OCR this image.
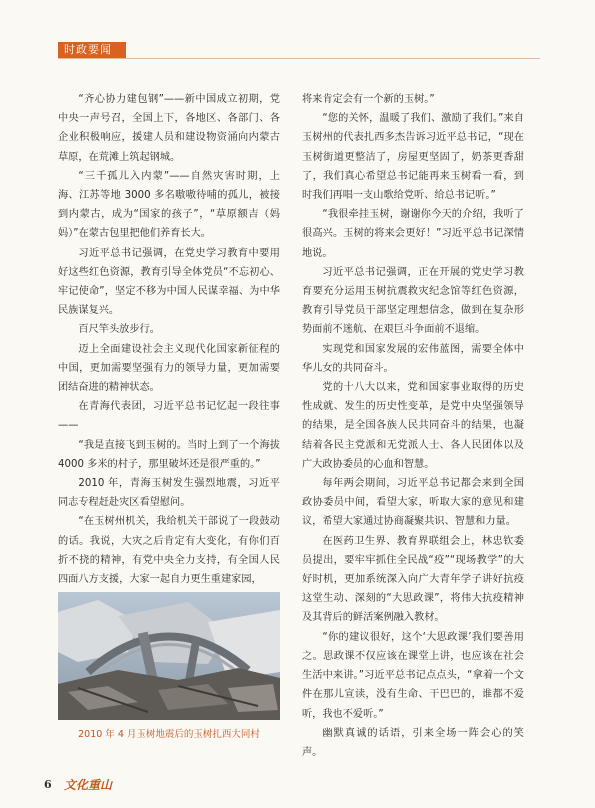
时政要闻

“齐心协力建包钢”——新中国成立初期，党中央一声号召，全国上下，各地区、各部门、各企业积极响应，援建人员和建设物资涌向内蒙古草原，在荒滩上筑起钢城。

“三千孤儿入内蒙”——自然灾害时期，上海、江苏等地 3000 多名嗷嗷待哺的孤儿，被接到内蒙古，成为“国家的孩子”，“草原额吉（妈妈）”在蒙古包里把他们养育长大。

习近平总书记强调，在党史学习教育中要用好这些红色资源，教育引导全体党员“不忘初心、牢记使命”，坚定不移为中国人民谋幸福、为中华民族谋复兴。

百尺竿头放步行。

迈上全面建设社会主义现代化国家新征程的中国，更加需要坚强有力的领导力量，更加需要团结奋进的精神状态。

在青海代表团，习近平总书记忆起一段往事——

“我是直接飞到玉树的。当时上到了一个海拔 4000 多米的村子，那里破坏还是很严重的。”

2010 年，青海玉树发生强烈地震，习近平同志专程赶赴灾区看望慰问。

“在玉树州机关，我给机关干部说了一段鼓动的话。我说，大灾之后肯定有大变化，有你们百折不挠的精神，有党中央全力支持，有全国人民四面八方支援，大家一起自力更生重建家园，

2010 年 4 月玉树地震后的玉树扎西大同村

将来肯定会有一个新的玉树。”

“您的关怀，温暖了我们、激励了我们。”来自玉树州的代表扎西多杰告诉习近平总书记，“现在玉树街道更整洁了，房屋更坚固了，奶茶更香甜了，我们真心希望总书记能再来玉树看一看，到时我们再唱一支山歌给党听、给总书记听。”

“我很牵挂玉树，谢谢你今天的介绍，我听了很高兴。玉树的将来会更好！”习近平总书记深情地说。

习近平总书记强调，正在开展的党史学习教育要充分运用玉树抗震救灾纪念馆等红色资源，教育引导党员干部坚定理想信念，做到在复杂形势面前不迷航、在艰巨斗争面前不退缩。

实现党和国家发展的宏伟蓝图，需要全体中华儿女的共同奋斗。

党的十八大以来，党和国家事业取得的历史性成就、发生的历史性变革，是党中央坚强领导的结果，是全国各族人民共同奋斗的结果，也凝结着各民主党派和无党派人士、各人民团体以及广大政协委员的心血和智慧。

每年两会期间，习近平总书记都会来到全国政协委员中间，看望大家，听取大家的意见和建议，希望大家通过协商凝聚共识、智慧和力量。

在医药卫生界、教育界联组会上，林忠钦委员提出，要牢牢抓住全民战“疫”“现场教学”的大好时机，更加系统深入向广大青年学子讲好抗疫这堂生动、深刻的“大思政课”，将伟大抗疫精神及其背后的鲜活案例融入教材。

“你的建议很好，这个‘大思政课’我们要善用之。思政课不仅应该在课堂上讲，也应该在社会生活中来讲。”习近平总书记点点头，“拿着一个文件在那儿宣读，没有生命、干巴巴的，谁都不爱听，我也不爱听。”

幽默真诚的话语，引来全场一阵会心的笑声。

6 文化重山
